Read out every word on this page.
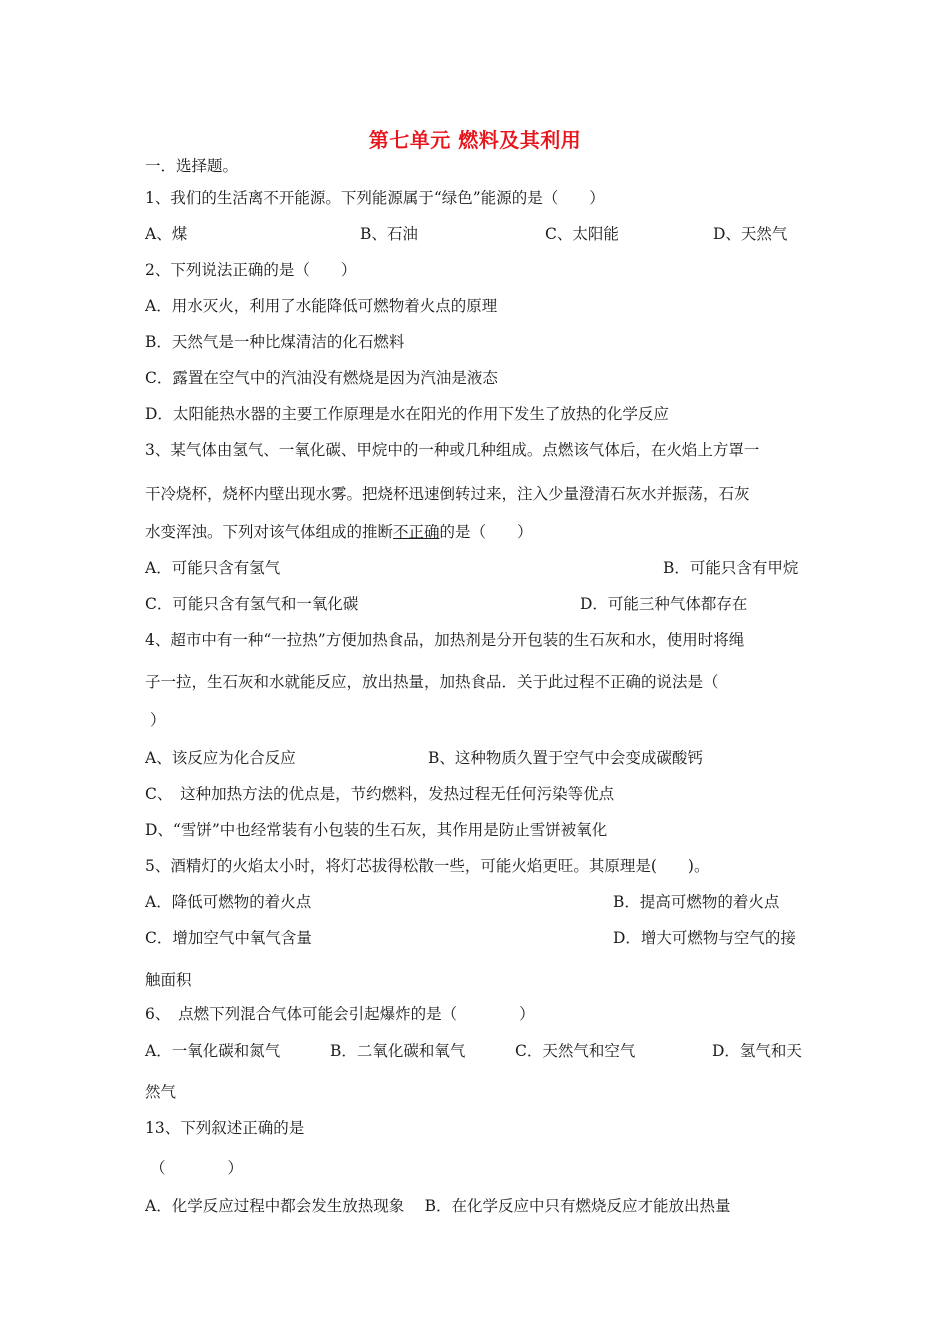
第七单元 燃料及其利用
一．选择题。
1、我们的生活离不开能源。下列能源属于“绿色”能源的是（　　）
A、煤	B、石油	C、太阳能	D、天然气
2、下列说法正确的是（　　）
A．用水灭火，利用了水能降低可燃物着火点的原理
B．天然气是一种比煤清洁的化石燃料
C．露置在空气中的汽油没有燃烧是因为汽油是液态
D．太阳能热水器的主要工作原理是水在阳光的作用下发生了放热的化学反应
3、某气体由氢气、一氧化碳、甲烷中的一种或几种组成。点燃该气体后，在火焰上方罩一
干冷烧杯，烧杯内壁出现水雾。把烧杯迅速倒转过来，注入少量澄清石灰水并振荡，石灰
水变浑浊。下列对该气体组成的推断不正确的是（　　）
A．可能只含有氢气	B．可能只含有甲烷
C．可能只含有氢气和一氧化碳	D．可能三种气体都存在
4、超市中有一种“一拉热”方便加热食品，加热剂是分开包装的生石灰和水，使用时将绳
子一拉，生石灰和水就能反应，放出热量，加热食品．关于此过程不正确的说法是（
）
A、该反应为化合反应	B、这种物质久置于空气中会变成碳酸钙
C、　这种加热方法的优点是，节约燃料，发热过程无任何污染等优点
D、“雪饼”中也经常装有小包装的生石灰，其作用是防止雪饼被氧化
5、酒精灯的火焰太小时，将灯芯拔得松散一些，可能火焰更旺。其原理是(　　)。
A．降低可燃物的着火点	B．提高可燃物的着火点
C．增加空气中氧气含量	D．增大可燃物与空气的接
触面积
6、　点燃下列混合气体可能会引起爆炸的是（　　　　）
A．一氧化碳和氮气	B．二氧化碳和氧气	C．天然气和空气	D．氢气和天
然气
13、下列叙述正确的是
（　　　　）
A．化学反应过程中都会发生放热现象　 B．在化学反应中只有燃烧反应才能放出热量
